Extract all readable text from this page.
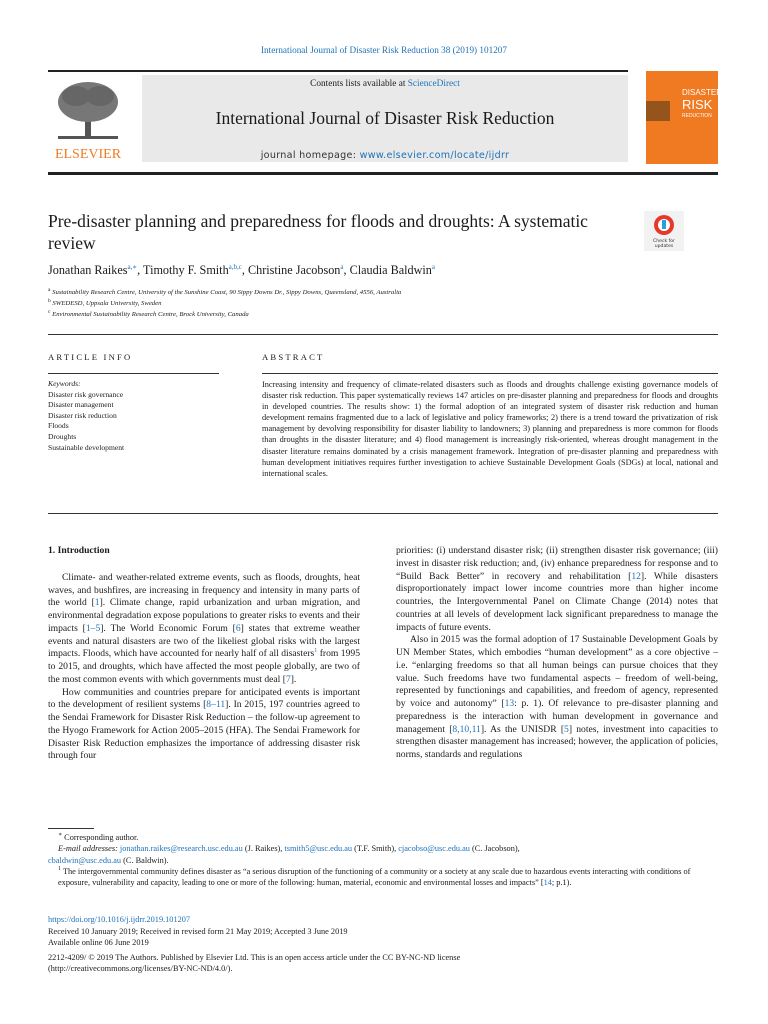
International Journal of Disaster Risk Reduction 38 (2019) 101207
ELSEVIER
Contents lists available at ScienceDirect
International Journal of Disaster Risk Reduction
journal homepage: www.elsevier.com/locate/ijdrr
DISASTER
RISK
REDUCTION
Pre-disaster planning and preparedness for floods and droughts: A systematic review	Check for
updates
Jonathan Raikes$^{a,∗}$, Timothy F. Smith$^{a,b,c}$, Christine Jacobson$^a$, Claudia Baldwin$^a$
$^a$ Sustainability Research Centre, University of the Sunshine Coast, 90 Sippy Downs Dr., Sippy Downs, Queensland, 4556, Australia
$^b$ SWEDESD, Uppsala University, Sweden
$^c$ Environmental Sustainability Research Centre, Brock University, Canada
ARTICLE INFO	ABSTRACT
Keywords:
Disaster risk governance
Disaster management
Disaster risk reduction
Floods
Droughts
Sustainable development
Increasing intensity and frequency of climate-related disasters such as floods and droughts challenge existing governance models of disaster risk reduction. This paper systematically reviews 147 articles on pre-disaster planning and preparedness for floods and droughts in developed countries. The results show: 1) the formal adoption of an integrated system of disaster risk reduction and human development remains fragmented due to a lack of legislative and policy frameworks; 2) there is a trend toward the privatization of risk management by devolving responsibility for disaster liability to landowners; 3) planning and preparedness is more common for floods than droughts in the disaster literature; and 4) flood management is increasingly risk-oriented, whereas drought management in the disaster literature remains dominated by a crisis management framework. Integration of pre-disaster planning and preparedness with human development initiatives requires further investigation to achieve Sustainable Development Goals (SDGs) at local, national and international scales.

1. Introduction

Climate- and weather-related extreme events, such as floods, droughts, heat waves, and bushfires, are increasing in frequency and intensity in many parts of the world [1]. Climate change, rapid urbanization and urban migration, and environmental degradation expose populations to greater risks to events and their impacts [1–5]. The World Economic Forum [6] states that extreme weather events and natural disasters are two of the likeliest global risks with the largest impacts. Floods, which have accounted for nearly half of all disasters$^1$ from 1995 to 2015, and droughts, which have affected the most people globally, are two of the most common events with which governments must deal [7].

How communities and countries prepare for anticipated events is important to the development of resilient systems [8–11]. In 2015, 197 countries agreed to the Sendai Framework for Disaster Risk Reduction – the follow-up agreement to the Hyogo Framework for Action 2005–2015 (HFA). The Sendai Framework for Disaster Risk Reduction emphasizes the importance of addressing disaster risk through four

priorities: (i) understand disaster risk; (ii) strengthen disaster risk governance; (iii) invest in disaster risk reduction; and, (iv) enhance preparedness for response and to “Build Back Better” in recovery and rehabilitation [12]. While disasters disproportionately impact lower income countries more than higher income countries, the Intergovernmental Panel on Climate Change (2014) notes that countries at all levels of development lack significant preparedness to manage the impacts of future events.

Also in 2015 was the formal adoption of 17 Sustainable Development Goals by UN Member States, which embodies “human development” as a core objective – i.e. “enlarging freedoms so that all human beings can pursue choices that they value. Such freedoms have two fundamental aspects – freedom of well-being, represented by functionings and capabilities, and freedom of agency, represented by voice and autonomy” [13: p. 1). Of relevance to pre-disaster planning and preparedness is the interaction with human development in governance and management [8,10,11]. As the UNISDR [5] notes, investment into capacities to strengthen disaster management has increased; however, the application of policies, norms, standards and regulations

∗ Corresponding author.
E-mail addresses: jonathan.raikes@research.usc.edu.au (J. Raikes), tsmith5@usc.edu.au (T.F. Smith), cjacobso@usc.edu.au (C. Jacobson),
cbaldwin@usc.edu.au (C. Baldwin).
$^1$ The intergovernmental community defines disaster as “a serious disruption of the functioning of a community or a society at any scale due to hazardous events interacting with conditions of exposure, vulnerability and capacity, leading to one or more of the following: human, material, economic and environmental losses and impacts” [14; p.1).
https://doi.org/10.1016/j.ijdrr.2019.101207
Received 10 January 2019; Received in revised form 21 May 2019; Accepted 3 June 2019
Available online 06 June 2019
2212-4209/ © 2019 The Authors. Published by Elsevier Ltd. This is an open access article under the CC BY-NC-ND license
(http://creativecommons.org/licenses/BY-NC-ND/4.0/).
